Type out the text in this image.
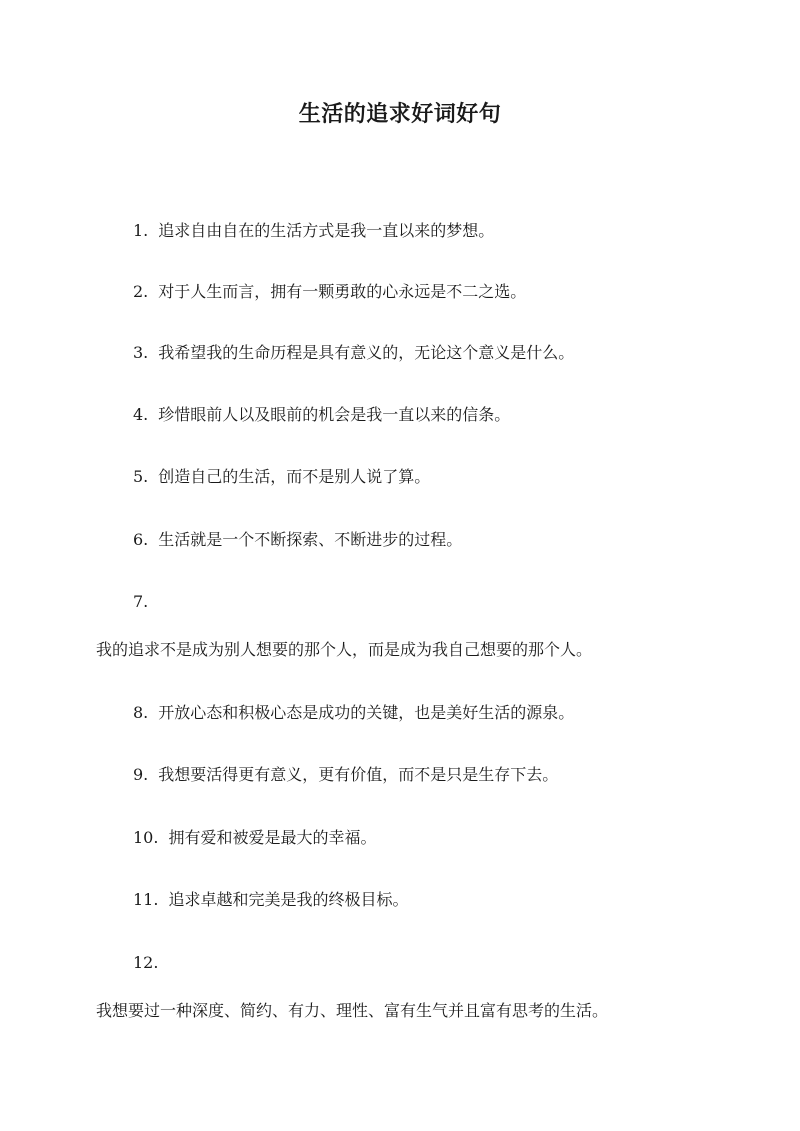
生活的追求好词好句
1. 追求自由自在的生活方式是我一直以来的梦想。
2. 对于人生而言，拥有一颗勇敢的心永远是不二之选。
3. 我希望我的生命历程是具有意义的，无论这个意义是什么。
4. 珍惜眼前人以及眼前的机会是我一直以来的信条。
5. 创造自己的生活，而不是别人说了算。
6. 生活就是一个不断探索、不断进步的过程。
7.
我的追求不是成为别人想要的那个人，而是成为我自己想要的那个人。
8. 开放心态和积极心态是成功的关键，也是美好生活的源泉。
9. 我想要活得更有意义，更有价值，而不是只是生存下去。
10. 拥有爱和被爱是最大的幸福。
11. 追求卓越和完美是我的终极目标。
12.
我想要过一种深度、简约、有力、理性、富有生气并且富有思考的生活。
